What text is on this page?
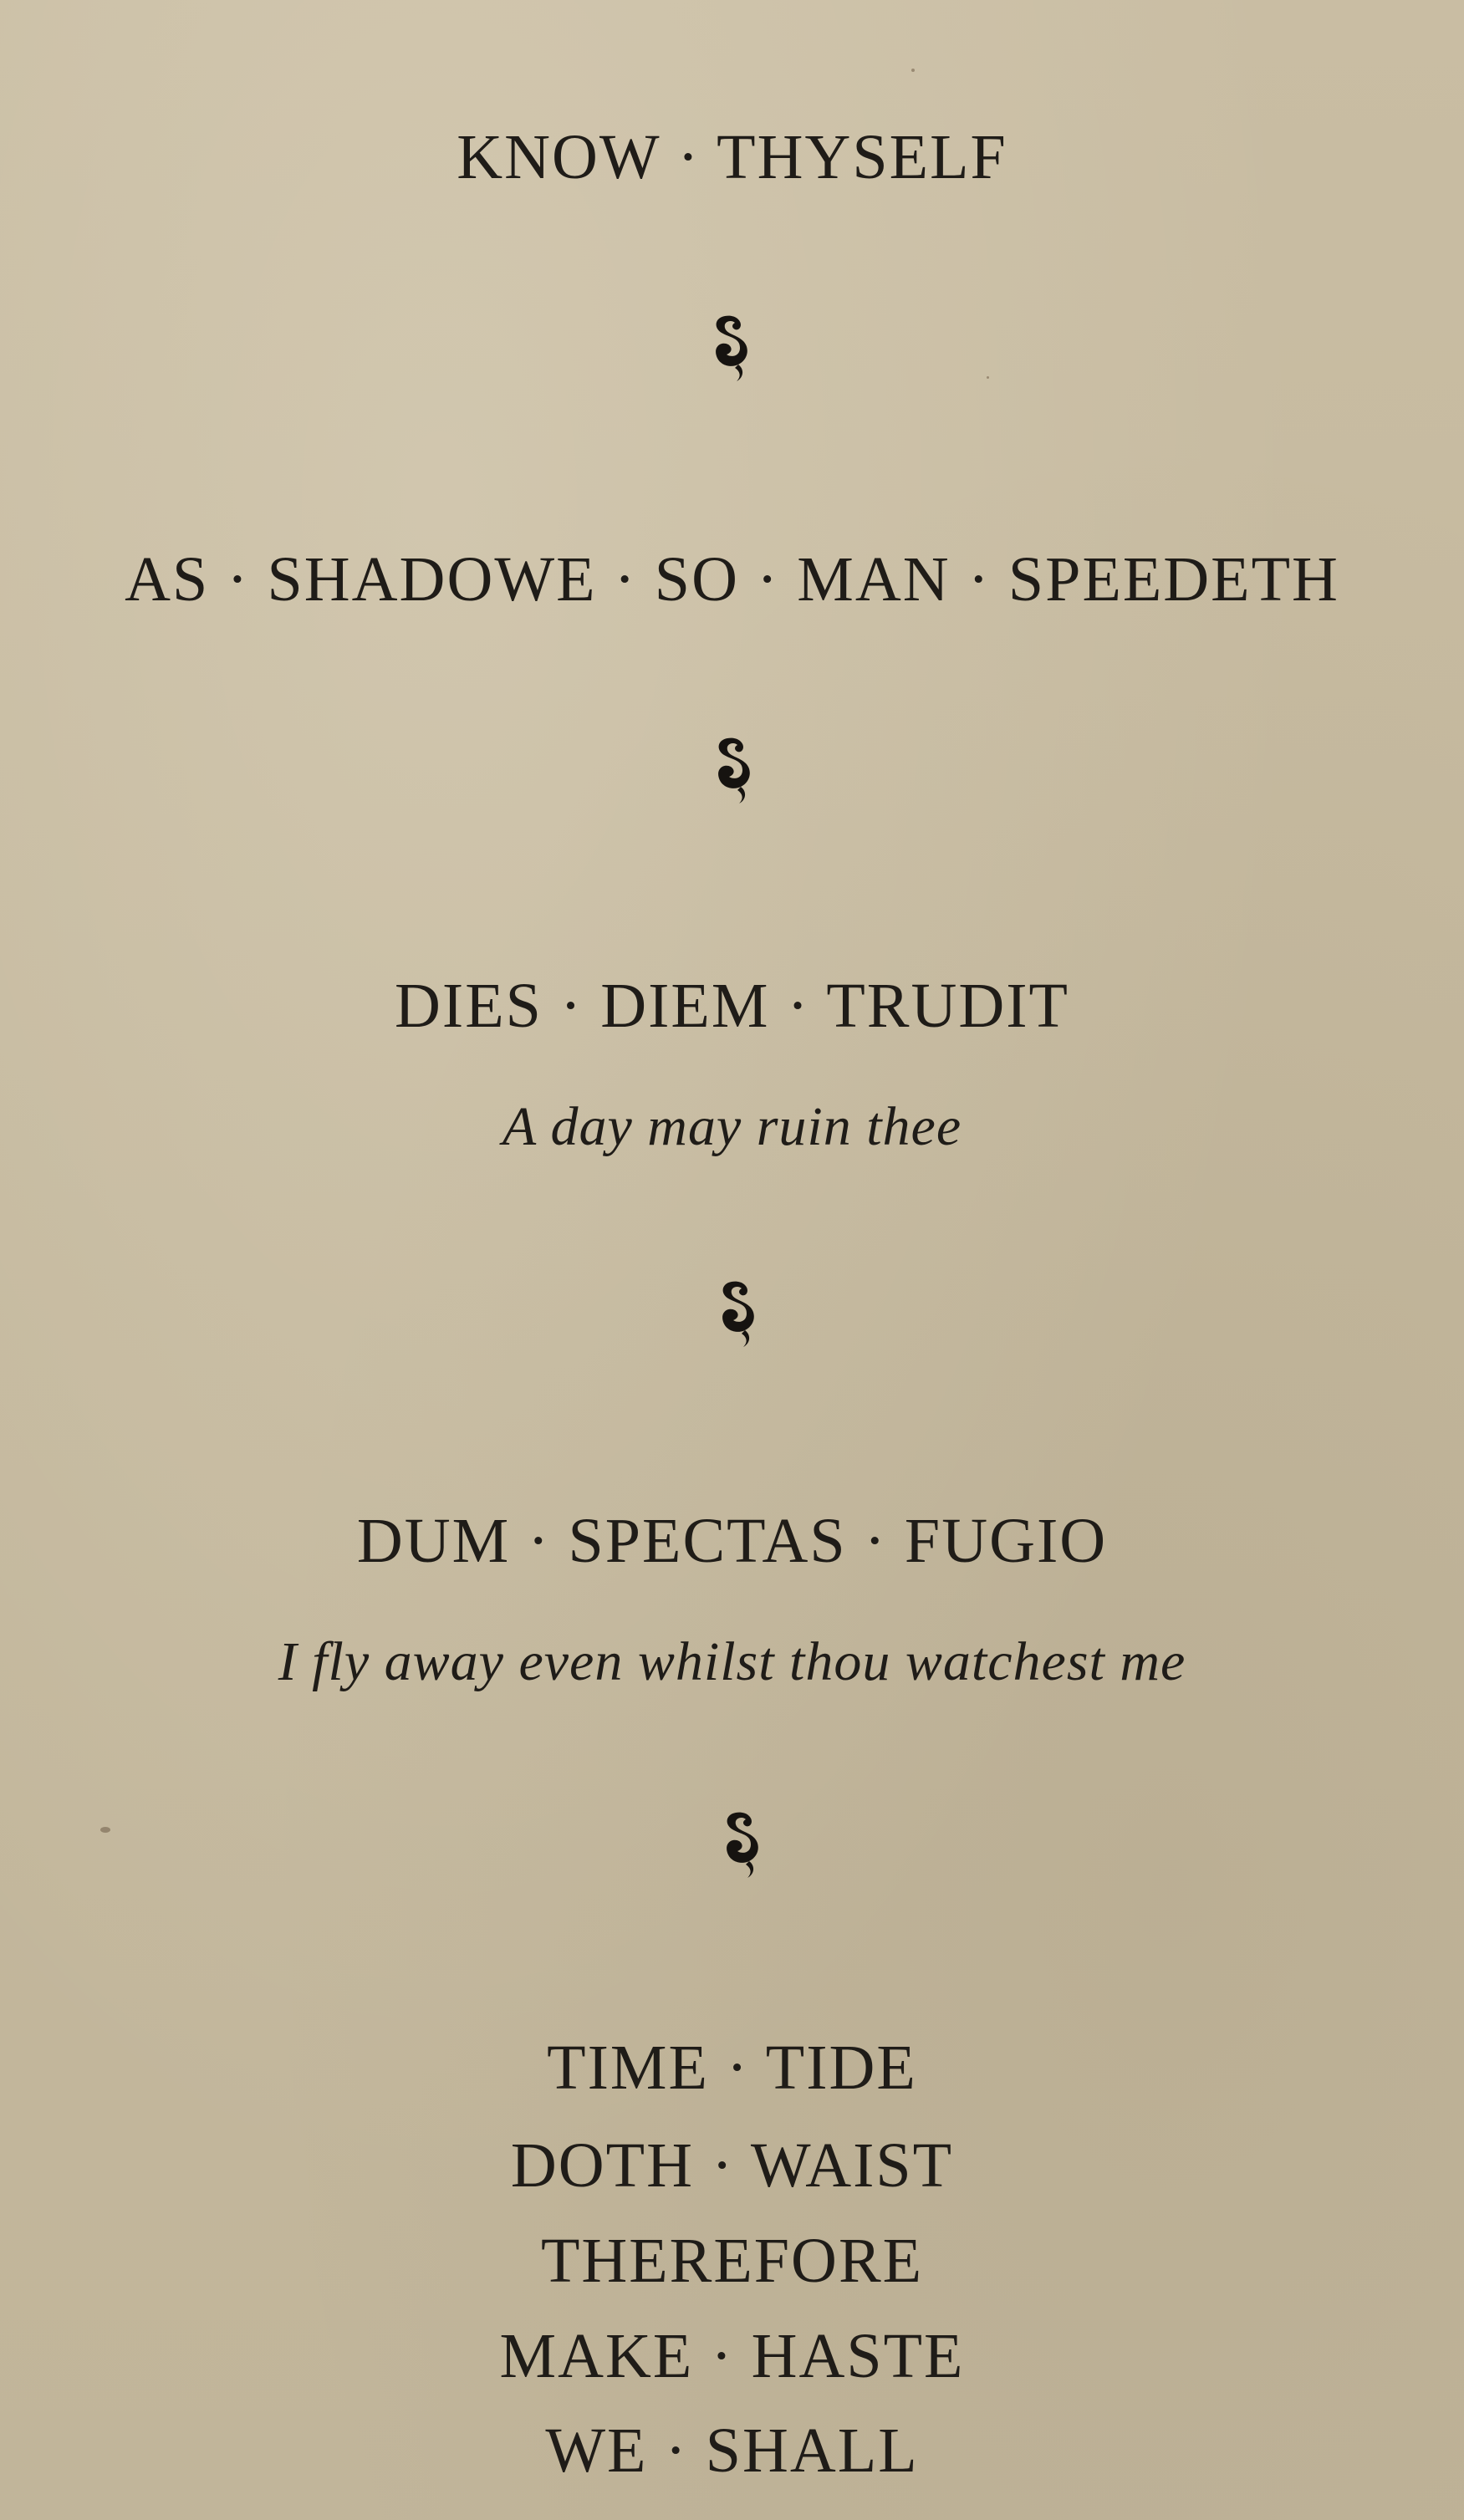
KNOW · THYSELF
AS · SHADOWE · SO · MAN · SPEEDETH
DIES · DIEM · TRUDIT
A day may ruin thee
DUM · SPECTAS · FUGIO
I fly away even whilst thou watchest me
TIME · TIDE
DOTH · WAIST
THEREFORE
MAKE · HASTE
WE · SHALL
